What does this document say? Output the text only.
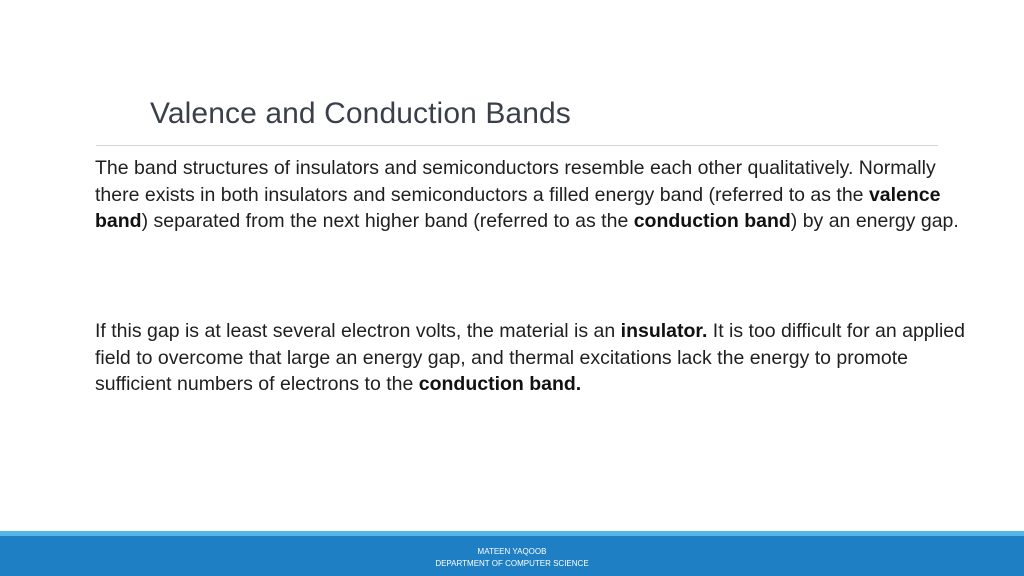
Valence and Conduction Bands

The band structures of insulators and semiconductors resemble each other qualitatively. Normally there exists in both insulators and semiconductors a filled energy band (referred to as the valence band) separated from the next higher band (referred to as the conduction band) by an energy gap.

If this gap is at least several electron volts, the material is an insulator. It is too difficult for an applied field to overcome that large an energy gap, and thermal excitations lack the energy to promote sufficient numbers of electrons to the conduction band.

MATEEN YAQOOB
DEPARTMENT OF COMPUTER SCIENCE
